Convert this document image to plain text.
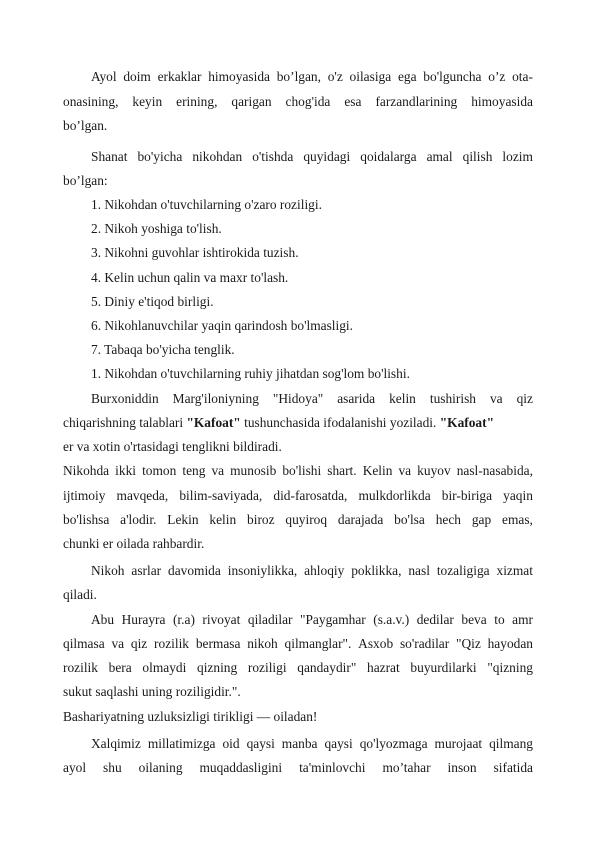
Ayol doim erkaklar himoyasida bo’lgan, o'z oilasiga ega bo'lguncha o’z ota-
onasining, keyin erining, qarigan chog'ida esa farzandlarining himoyasida
bo’lgan.
Shanat bo'yicha nikohdan o'tishda quyidagi qoidalarga amal qilish lozim
bo’lgan:
1. Nikohdan o'tuvchilarning o'zaro roziligi.
2. Nikoh yoshiga to'lish.
3. Nikohni guvohlar ishtirokida tuzish.
4. Kelin uchun qalin va maxr to'lash.
5. Diniy e'tiqod birligi.
6. Nikohlanuvchilar yaqin qarindosh bo'lmasligi.
7. Tabaqa bo'yicha tenglik.
1. Nikohdan o'tuvchilarning ruhiy jihatdan sog'lom bo'lishi.
Burxoniddin Marg'iloniyning "Hidoya" asarida kelin tushirish va qiz
chiqarishning talablari "Kafoat" tushunchasida ifodalanishi yoziladi. "Kafoat"
er va xotin o'rtasidagi tenglikni bildiradi.
Nikohda ikki tomon teng va munosib bo'lishi shart. Kelin va kuyov nasl-nasabida,
ijtimoiy mavqeda, bilim-saviyada, did-farosatda, mulkdorlikda bir-biriga yaqin
bo'lishsa a'lodir. Lekin kelin biroz quyiroq darajada bo'lsa hech gap emas,
chunki er oilada rahbardir.
Nikoh asrlar davomida insoniylikka, ahloqiy poklikka, nasl tozaligiga xizmat
qiladi.
Abu Hurayra (r.a) rivoyat qiladilar "Paygamhar (s.a.v.) dedilar beva to amr
qilmasa va qiz rozilik bermasa nikoh qilmanglar". Asxob so'radilar "Qiz hayodan
rozilik bera olmaydi qizning roziligi qandaydir" hazrat buyurdilarki "qizning
sukut saqlashi uning roziligidir.".
Bashariyatning uzluksizligi tirikligi — oiladan!
Xalqimiz millatimizga oid qaysi manba qaysi qo'lyozmaga murojaat qilmang
ayol shu oilaning muqaddasligini ta'minlovchi mo’tahar inson sifatida
